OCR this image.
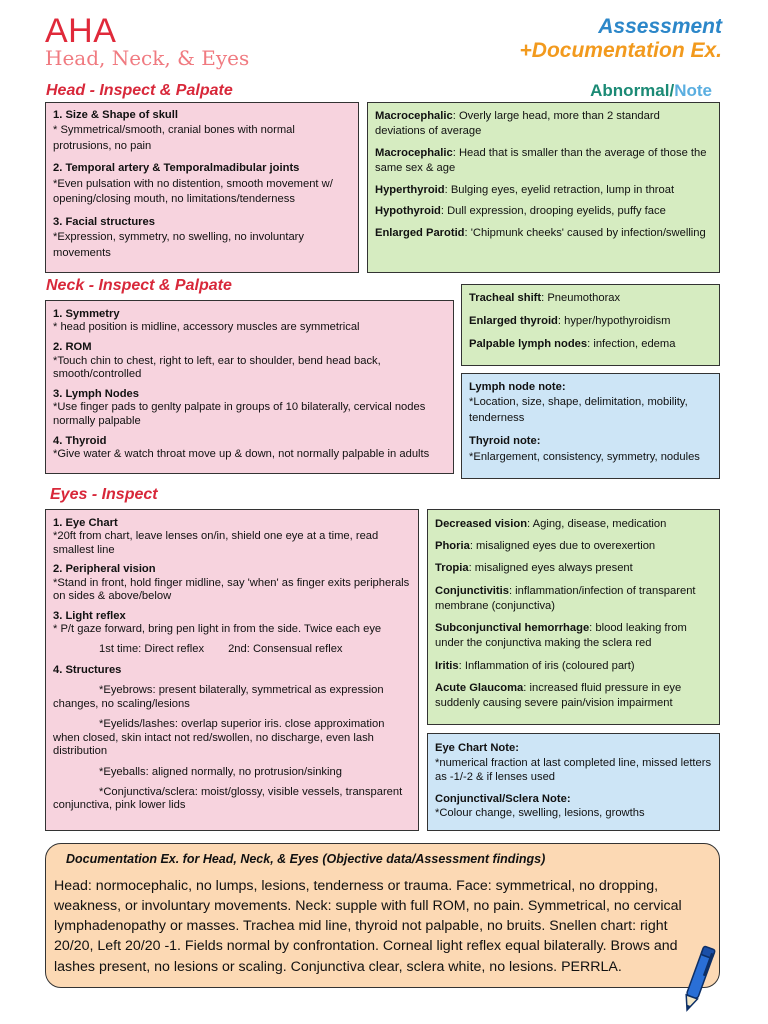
AHA
Head, Neck, & Eyes
Assessment
+Documentation Ex.
Abnormal/Note
Head - Inspect & Palpate

1. Size & Shape of skull
* Symmetrical/smooth, cranial bones with normal protrusions, no pain

2. Temporal artery & Temporalmadibular joints
*Even pulsation with no distention, smooth movement w/ opening/closing mouth, no limitations/tenderness

3. Facial structures
*Expression, symmetry, no swelling, no involuntary movements

Macrocephalic: Overly large head, more than 2 standard deviations of average

Macrocephalic: Head that is smaller than the average of those the same sex & age

Hyperthyroid: Bulging eyes, eyelid retraction, lump in throat

Hypothyroid: Dull expression, drooping eyelids, puffy face

Enlarged Parotid: 'Chipmunk cheeks' caused by infection/swelling

Neck - Inspect & Palpate

1. Symmetry
* head position is midline, accessory muscles are symmetrical

2. ROM
*Touch chin to chest, right to left, ear to shoulder, bend head back, smooth/controlled

3. Lymph Nodes
*Use finger pads to genlty palpate in groups of 10 bilaterally, cervical nodes normally palpable

4. Thyroid
*Give water & watch throat move up & down, not normally palpable in adults

Tracheal shift: Pneumothorax

Enlarged thyroid: hyper/hypothyroidism

Palpable lymph nodes: infection, edema

Lymph node note:
*Location, size, shape, delimitation, mobility, tenderness

Thyroid note:
*Enlargement, consistency, symmetry, nodules

Eyes - Inspect

1. Eye Chart
*20ft from chart, leave lenses on/in, shield one eye at a time, read smallest line

2. Peripheral vision
*Stand in front, hold finger midline, say 'when' as finger exits peripherals on sides & above/below

3. Light reflex
* P/t gaze forward, bring pen light in from the side. Twice each eye

1st time: Direct reflex 2nd: Consensual reflex

4. Structures

*Eyebrows: present bilaterally, symmetrical as expression changes, no scaling/lesions

*Eyelids/lashes: overlap superior iris. close approximation when closed, skin intact not red/swollen, no discharge, even lash distribution

*Eyeballs: aligned normally, no protrusion/sinking

*Conjunctiva/sclera: moist/glossy, visible vessels, transparent conjunctiva, pink lower lids

Decreased vision: Aging, disease, medication

Phoria: misaligned eyes due to overexertion

Tropia: misaligned eyes always present

Conjunctivitis: inflammation/infection of transparent membrane (conjunctiva)

Subconjunctival hemorrhage: blood leaking from under the conjunctiva making the sclera red

Iritis: Inflammation of iris (coloured part)

Acute Glaucoma: increased fluid pressure in eye suddenly causing severe pain/vision impairment

Eye Chart Note:
*numerical fraction at last completed line, missed letters as -1/-2 & if lenses used

Conjunctival/Sclera Note:
*Colour change, swelling, lesions, growths

Documentation Ex. for Head, Neck, & Eyes (Objective data/Assessment findings)
Head: normocephalic, no lumps, lesions, tenderness or trauma. Face: symmetrical, no dropping, weakness, or involuntary movements. Neck: supple with full ROM, no pain. Symmetrical, no cervical lymphadenopathy or masses. Trachea mid line, thyroid not palpable, no bruits. Snellen chart: right 20/20, Left 20/20 -1. Fields normal by confrontation. Corneal light reflex equal bilaterally. Brows and lashes present, no lesions or scaling. Conjunctiva clear, sclera white, no lesions. PERRLA.
